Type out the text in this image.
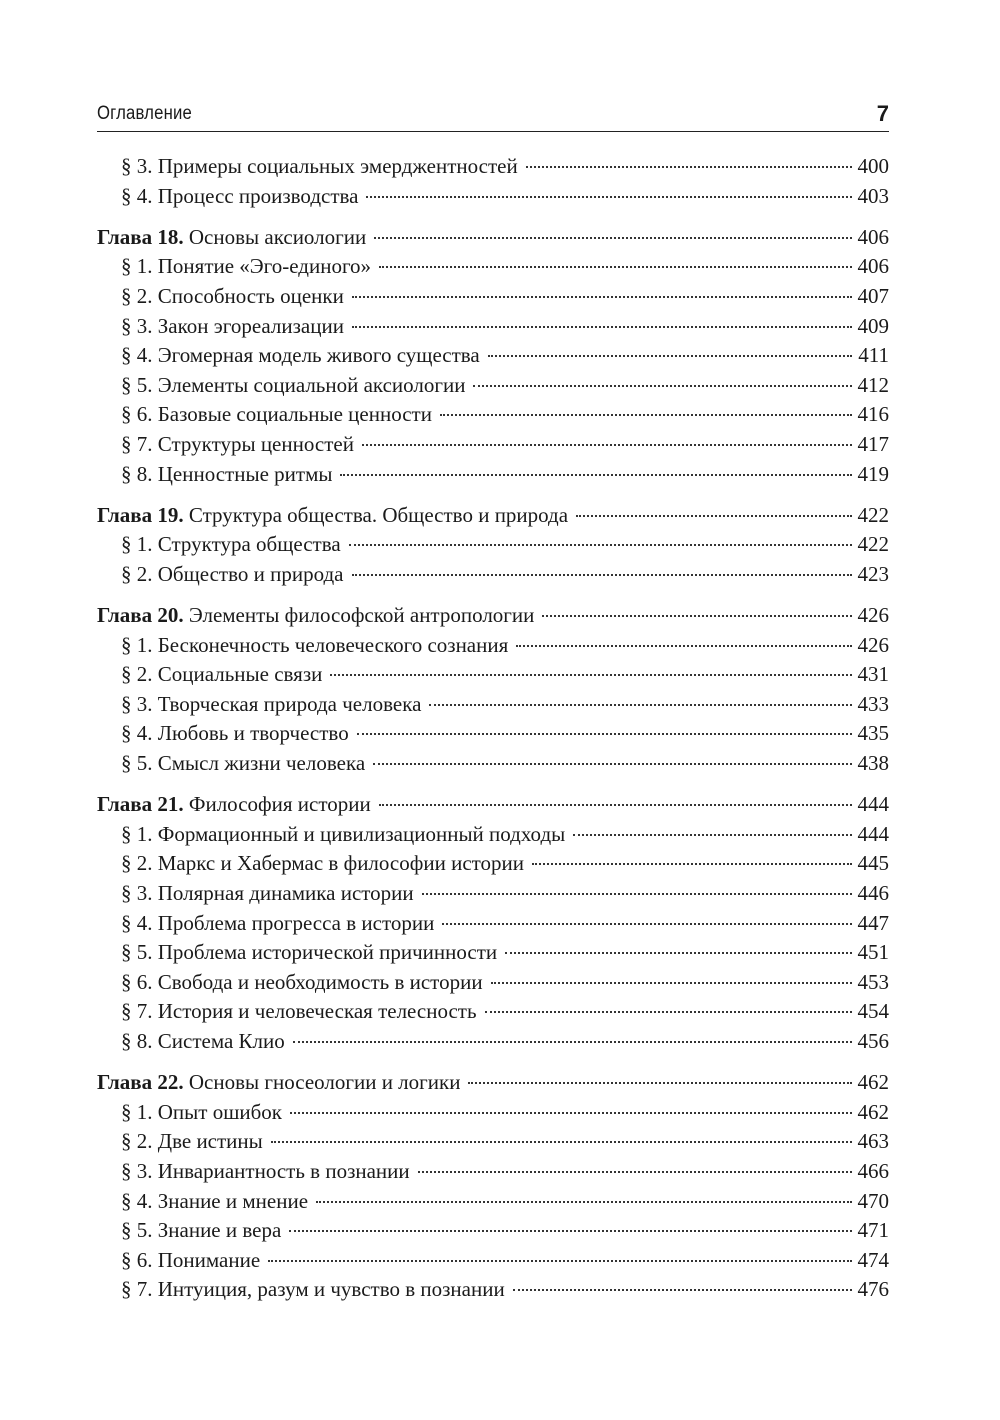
Оглавление	7
§ 3. Примеры социальных эмерджентностей	400
§ 4. Процесс производства	403
Глава 18. Основы аксиологии	406
§ 1. Понятие «Эго-единого»	406
§ 2. Способность оценки	407
§ 3. Закон эгореализации	409
§ 4. Эгомерная модель живого существа	411
§ 5. Элементы социальной аксиологии	412
§ 6. Базовые социальные ценности	416
§ 7. Структуры ценностей	417
§ 8. Ценностные ритмы	419
Глава 19. Структура общества. Общество и природа	422
§ 1. Структура общества	422
§ 2. Общество и природа	423
Глава 20. Элементы философской антропологии	426
§ 1. Бесконечность человеческого сознания	426
§ 2. Социальные связи	431
§ 3. Творческая природа человека	433
§ 4. Любовь и творчество	435
§ 5. Смысл жизни человека	438
Глава 21. Философия истории	444
§ 1. Формационный и цивилизационный подходы	444
§ 2. Маркс и Хабермас в философии истории	445
§ 3. Полярная динамика истории	446
§ 4. Проблема прогресса в истории	447
§ 5. Проблема исторической причинности	451
§ 6. Свобода и необходимость в истории	453
§ 7. История и человеческая телесность	454
§ 8. Система Клио	456
Глава 22. Основы гносеологии и логики	462
§ 1. Опыт ошибок	462
§ 2. Две истины	463
§ 3. Инвариантность в познании	466
§ 4. Знание и мнение	470
§ 5. Знание и вера	471
§ 6. Понимание	474
§ 7. Интуиция, разум и чувство в познании	476
